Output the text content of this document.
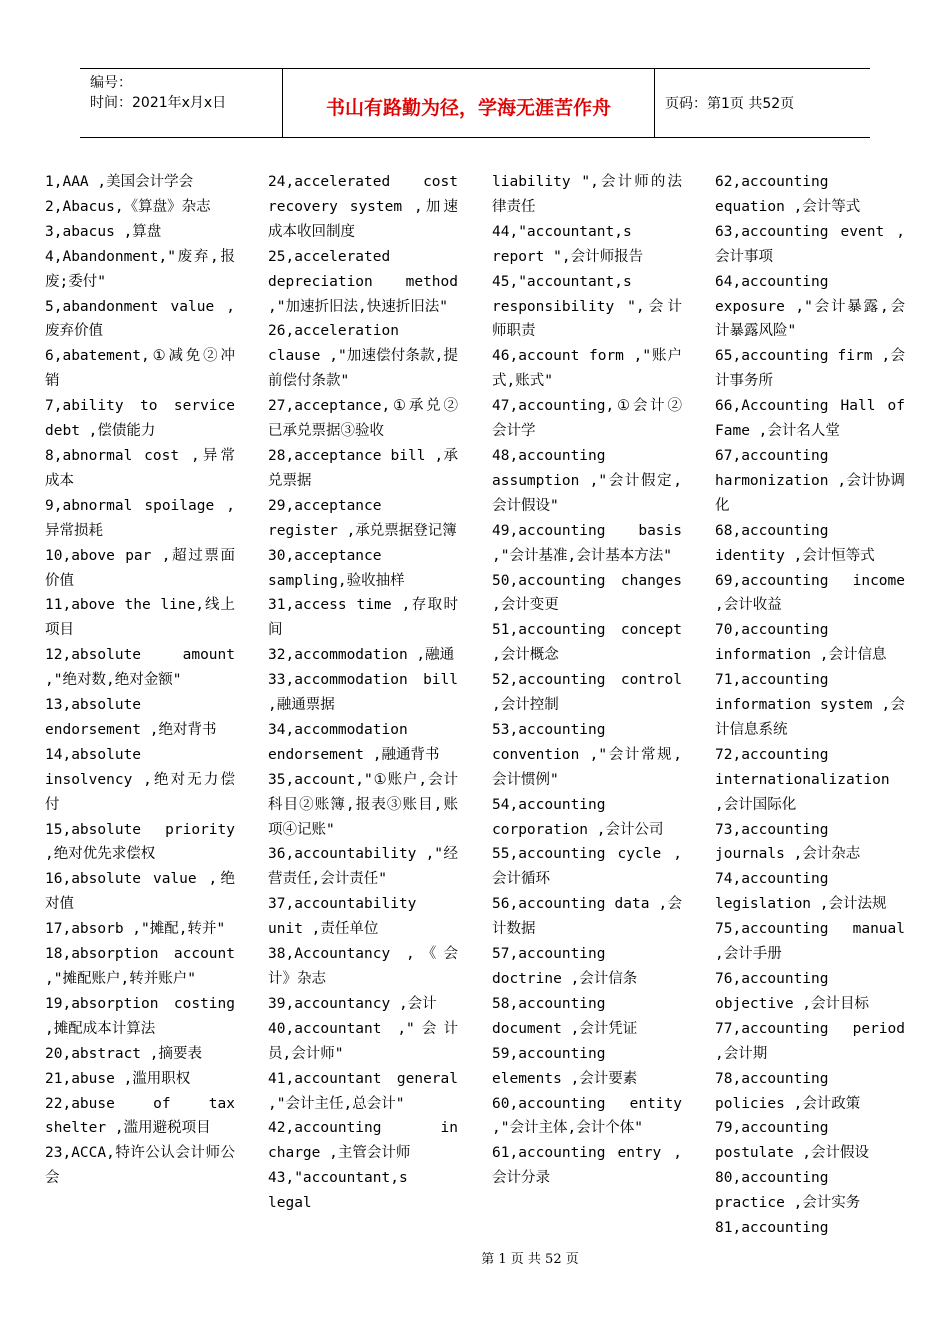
编号：
时间：2021年x月x日	书山有路勤为径，学海无涯苦作舟	页码：第1页 共52页

1,AAA ,美国会计学会

2,Abacus,《算盘》杂志

3,abacus ,算盘

4,Abandonment,"废弃,报废;委付"

5,abandonment value ,废弃价值

6,abatement,①减免②冲销

7,ability to service debt ,偿债能力

8,abnormal cost ,异常成本

9,abnormal spoilage ,异常损耗

10,above par ,超过票面价值

11,above the line,线上项目

12,absolute amount ,"绝对数,绝对金额"

13,absolute endorsement ,绝对背书

14,absolute insolvency ,绝对无力偿付

15,absolute priority ,绝对优先求偿权

16,absolute value ,绝对值

17,absorb ,"摊配,转并"

18,absorption account ,"摊配账户,转并账户"

19,absorption costing ,摊配成本计算法

20,abstract ,摘要表

21,abuse ,滥用职权

22,abuse of tax shelter ,滥用避税项目

23,ACCA,特许公认会计师公会

24,accelerated cost recovery system ,加速成本收回制度

25,accelerated depreciation method ,"加速折旧法,快速折旧法"

26,acceleration clause ,"加速偿付条款,提前偿付条款"

27,acceptance,①承兑②已承兑票据③验收

28,acceptance bill ,承兑票据

29,acceptance register ,承兑票据登记簿

30,acceptance sampling,验收抽样

31,access time ,存取时间

32,accommodation ,融通

33,accommodation bill ,融通票据

34,accommodation endorsement ,融通背书

35,account,"①账户,会计科目②账簿,报表③账目,账项④记账"

36,accountability ,"经营责任,会计责任"

37,accountability unit ,责任单位

38,Accountancy ,《会计》杂志

39,accountancy ,会计

40,accountant ,"会计员,会计师"

41,accountant general ,"会计主任,总会计"

42,accounting in charge ,主管会计师

43,"accountant,s legal

liability ",会计师的法律责任

44,"accountant,s report ",会计师报告

45,"accountant,s responsibility ",会计师职责

46,account form ,"账户式,账式"

47,accounting,①会计②会计学

48,accounting assumption ,"会计假定,会计假设"

49,accounting basis ,"会计基准,会计基本方法"

50,accounting changes ,会计变更

51,accounting concept ,会计概念

52,accounting control ,会计控制

53,accounting convention ,"会计常规,会计惯例"

54,accounting corporation ,会计公司

55,accounting cycle ,会计循环

56,accounting data ,会计数据

57,accounting doctrine ,会计信条

58,accounting document ,会计凭证

59,accounting elements ,会计要素

60,accounting entity ,"会计主体,会计个体"

61,accounting entry ,会计分录

62,accounting equation ,会计等式

63,accounting event ,会计事项

64,accounting exposure ,"会计暴露,会计暴露风险"

65,accounting firm ,会计事务所

66,Accounting Hall of Fame ,会计名人堂

67,accounting harmonization ,会计协调化

68,accounting identity ,会计恒等式

69,accounting income ,会计收益

70,accounting information ,会计信息

71,accounting information system ,会计信息系统

72,accounting internationalization ,会计国际化

73,accounting journals ,会计杂志

74,accounting legislation ,会计法规

75,accounting manual ,会计手册

76,accounting objective ,会计目标

77,accounting period ,会计期

78,accounting policies ,会计政策

79,accounting postulate ,会计假设

80,accounting practice ,会计实务

81,accounting

第 1 页 共 52 页
